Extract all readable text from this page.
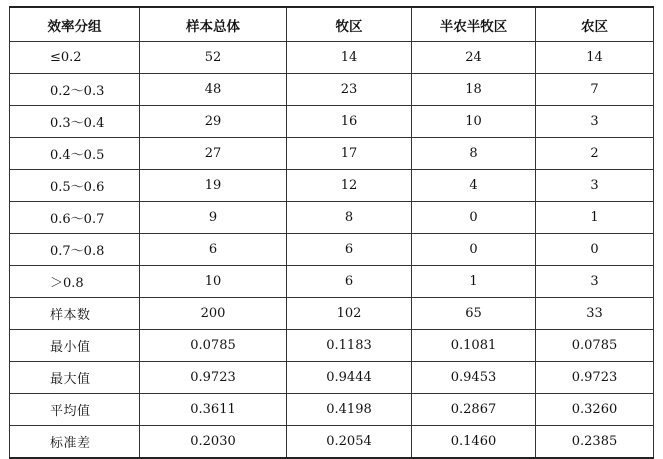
效率分组	样本总体	牧区	半农半牧区	农区
≤0.2	52	14	24	14
0.2～0.3	48	23	18	7
0.3～0.4	29	16	10	3
0.4～0.5	27	17	8	2
0.5～0.6	19	12	4	3
0.6～0.7	9	8	0	1
0.7～0.8	6	6	0	0
＞0.8	10	6	1	3
样本数	200	102	65	33
最小值	0.0785	0.1183	0.1081	0.0785
最大值	0.9723	0.9444	0.9453	0.9723
平均值	0.3611	0.4198	0.2867	0.3260
标准差	0.2030	0.2054	0.1460	0.2385
